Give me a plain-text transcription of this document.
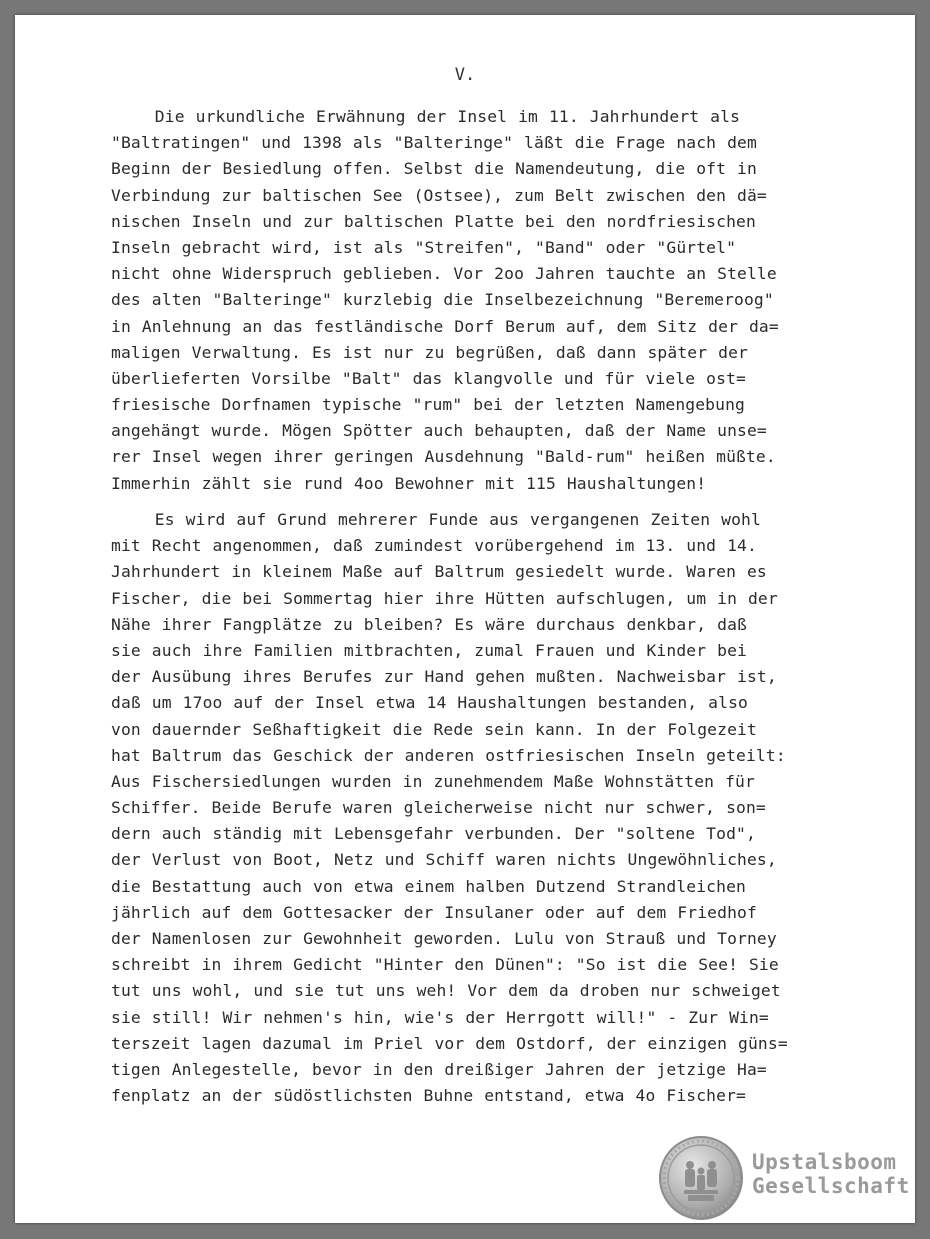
V.
Die urkundliche Erwähnung der Insel im 11. Jahrhundert als
"Baltratingen" und 1398 als "Balteringe" läßt die Frage nach dem
Beginn der Besiedlung offen. Selbst die Namendeutung, die oft in
Verbindung zur baltischen See (Ostsee), zum Belt zwischen den dä=
nischen Inseln und zur baltischen Platte bei den nordfriesischen
Inseln gebracht wird, ist als "Streifen", "Band" oder "Gürtel"
nicht ohne Widerspruch geblieben. Vor 2oo Jahren tauchte an Stelle
des alten "Balteringe" kurzlebig die Inselbezeichnung "Beremeroog"
in Anlehnung an das festländische Dorf Berum auf, dem Sitz der da=
maligen Verwaltung. Es ist nur zu begrüßen, daß dann später der
überlieferten Vorsilbe "Balt" das klangvolle und für viele ost=
friesische Dorfnamen typische "rum" bei der letzten Namengebung
angehängt wurde. Mögen Spötter auch behaupten, daß der Name unse=
rer Insel wegen ihrer geringen Ausdehnung "Bald-rum" heißen müßte.
Immerhin zählt sie rund 4oo Bewohner mit 115 Haushaltungen!
Es wird auf Grund mehrerer Funde aus vergangenen Zeiten wohl
mit Recht angenommen, daß zumindest vorübergehend im 13. und 14.
Jahrhundert in kleinem Maße auf Baltrum gesiedelt wurde. Waren es
Fischer, die bei Sommertag hier ihre Hütten aufschlugen, um in der
Nähe ihrer Fangplätze zu bleiben? Es wäre durchaus denkbar, daß
sie auch ihre Familien mitbrachten, zumal Frauen und Kinder bei
der Ausübung ihres Berufes zur Hand gehen mußten. Nachweisbar ist,
daß um 17oo auf der Insel etwa 14 Haushaltungen bestanden, also
von dauernder Seßhaftigkeit die Rede sein kann. In der Folgezeit
hat Baltrum das Geschick der anderen ostfriesischen Inseln geteilt:
Aus Fischersiedlungen wurden in zunehmendem Maße Wohnstätten für
Schiffer. Beide Berufe waren gleicherweise nicht nur schwer, son=
dern auch ständig mit Lebensgefahr verbunden. Der "soltene Tod",
der Verlust von Boot, Netz und Schiff waren nichts Ungewöhnliches,
die Bestattung auch von etwa einem halben Dutzend Strandleichen
jährlich auf dem Gottesacker der Insulaner oder auf dem Friedhof
der Namenlosen zur Gewohnheit geworden. Lulu von Strauß und Torney
schreibt in ihrem Gedicht "Hinter den Dünen": "So ist die See! Sie
tut uns wohl, und sie tut uns weh! Vor dem da droben nur schweiget
sie still! Wir nehmen's hin, wie's der Herrgott will!" - Zur Win=
terszeit lagen dazumal im Priel vor dem Ostdorf, der einzigen güns=
tigen Anlegestelle, bevor in den dreißiger Jahren der jetzige Ha=
fenplatz an der südöstlichsten Buhne entstand, etwa 4o Fischer=
Upstalsboom
Gesellschaft
